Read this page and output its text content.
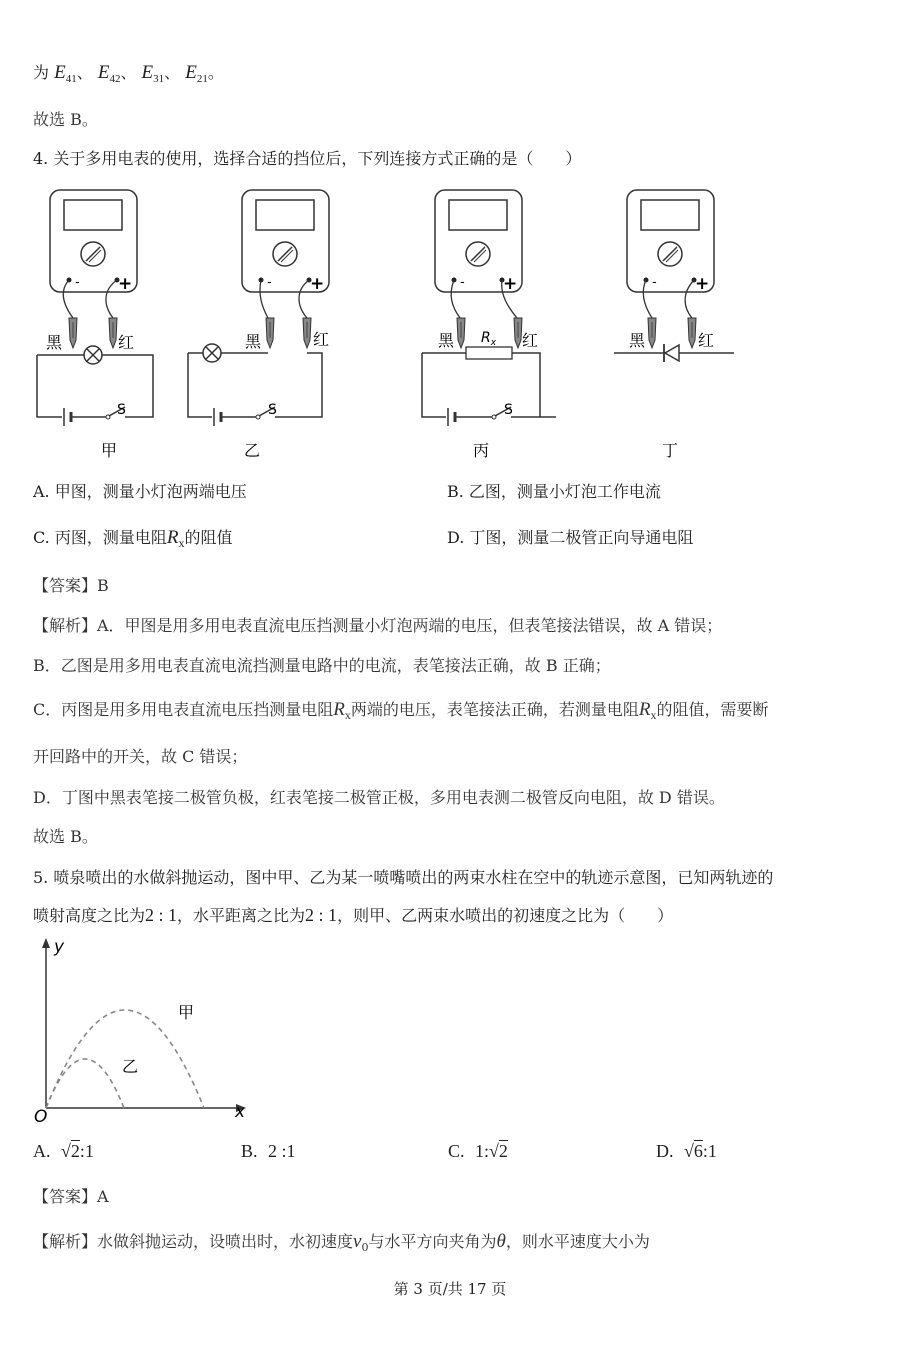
为 $E_{41}$、 $E_{42}$、 $E_{31}$、 $E_{21}$。
故选 B。
4. 关于多用电表的使用，选择合适的挡位后，下列连接方式正确的是（　　）
黑	红
- +
S
黑	红
- +
S
$R_x$
黑	红
- +
S
黑	红
- +
甲	乙	丙	丁
A. 甲图，测量小灯泡两端电压	B. 乙图，测量小灯泡工作电流
C. 丙图，测量电阻$R_x$的阻值	D. 丁图，测量二极管正向导通电阻
【答案】B
【解析】A．甲图是用多用电表直流电压挡测量小灯泡两端的电压，但表笔接法错误，故 A 错误；
B．乙图是用多用电表直流电流挡测量电路中的电流，表笔接法正确，故 B 正确；
C．丙图是用多用电表直流电压挡测量电阻$R_x$两端的电压，表笔接法正确，若测量电阻$R_x$的阻值，需要断
开回路中的开关，故 C 错误；
D．丁图中黑表笔接二极管负极，红表笔接二极管正极，多用电表测二极管反向电阻，故 D 错误。
故选 B。
5. 喷泉喷出的水做斜抛运动，图中甲、乙为某一喷嘴喷出的两束水柱在空中的轨迹示意图，已知两轨迹的
喷射高度之比为2 : 1，水平距离之比为2 : 1，则甲、乙两束水喷出的初速度之比为（　　）
y
x
O
甲
乙
A. √2:1	B. 2 :1	C. 1:√2	D. √6:1
【答案】A
【解析】水做斜抛运动，设喷出时，水初速度$v_0$与水平方向夹角为θ，则水平速度大小为
第 3 页/共 17 页
